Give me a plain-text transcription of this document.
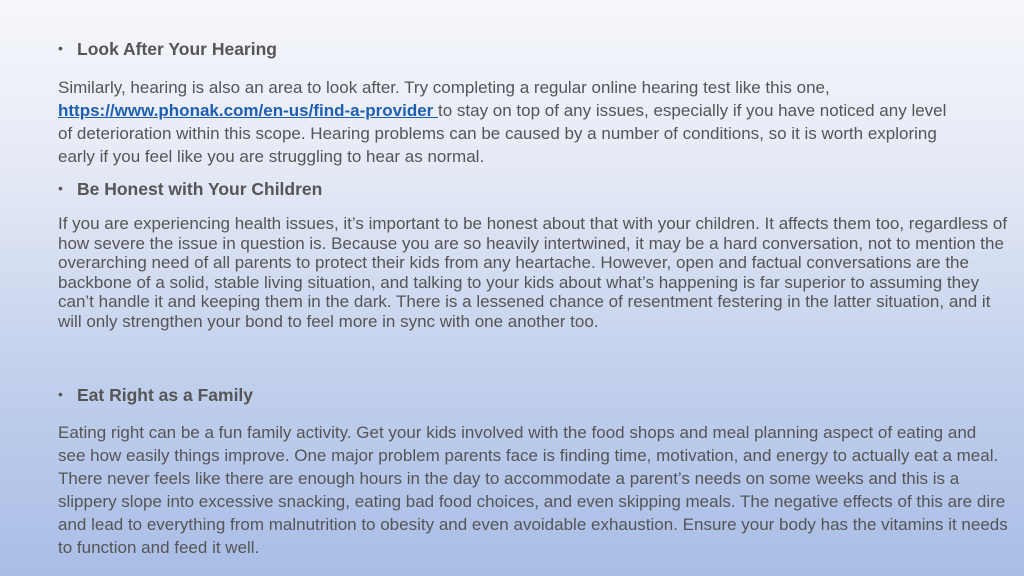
• Look After Your Hearing
Similarly, hearing is also an area to look after. Try completing a regular online hearing test like this one, https://www.phonak.com/en-us/find-a-provider to stay on top of any issues, especially if you have noticed any level of deterioration within this scope. Hearing problems can be caused by a number of conditions, so it is worth exploring early if you feel like you are struggling to hear as normal.
• Be Honest with Your Children
If you are experiencing health issues, it’s important to be honest about that with your children. It affects them too, regardless of how severe the issue in question is. Because you are so heavily intertwined, it may be a hard conversation, not to mention the overarching need of all parents to protect their kids from any heartache. However, open and factual conversations are the backbone of a solid, stable living situation, and talking to your kids about what’s happening is far superior to assuming they can’t handle it and keeping them in the dark. There is a lessened chance of resentment festering in the latter situation, and it will only strengthen your bond to feel more in sync with one another too.
• Eat Right as a Family
Eating right can be a fun family activity. Get your kids involved with the food shops and meal planning aspect of eating and see how easily things improve. One major problem parents face is finding time, motivation, and energy to actually eat a meal. There never feels like there are enough hours in the day to accommodate a parent’s needs on some weeks and this is a slippery slope into excessive snacking, eating bad food choices, and even skipping meals. The negative effects of this are dire and lead to everything from malnutrition to obesity and even avoidable exhaustion. Ensure your body has the vitamins it needs to function and feed it well.
